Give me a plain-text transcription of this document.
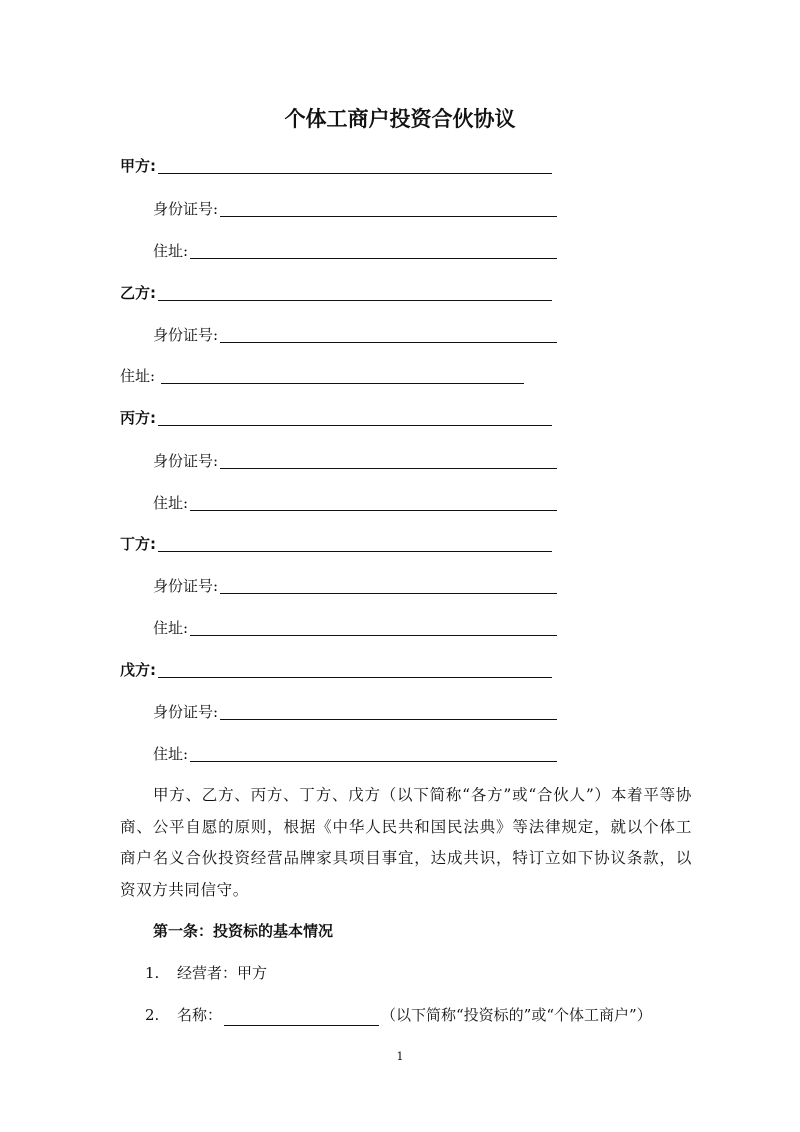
个体工商户投资合伙协议
甲方:
身份证号:
住址:
乙方:
身份证号:
住址:
丙方:
身份证号:
住址:
丁方:
身份证号:
住址:
戊方:
身份证号:
住址:

甲方、乙方、丙方、丁方、戊方（以下简称“各方”或“合伙人”）本着平等协商、公平自愿的原则，根据《中华人民共和国民法典》等法律规定，就以个体工商户名义合伙投资经营品牌家具项目事宜，达成共识，特订立如下协议条款，以资双方共同信守。

第一条：投资标的基本情况
1.	经营者：甲方
2.	名称：	（以下简称“投资标的”或“个体工商户”）
1
